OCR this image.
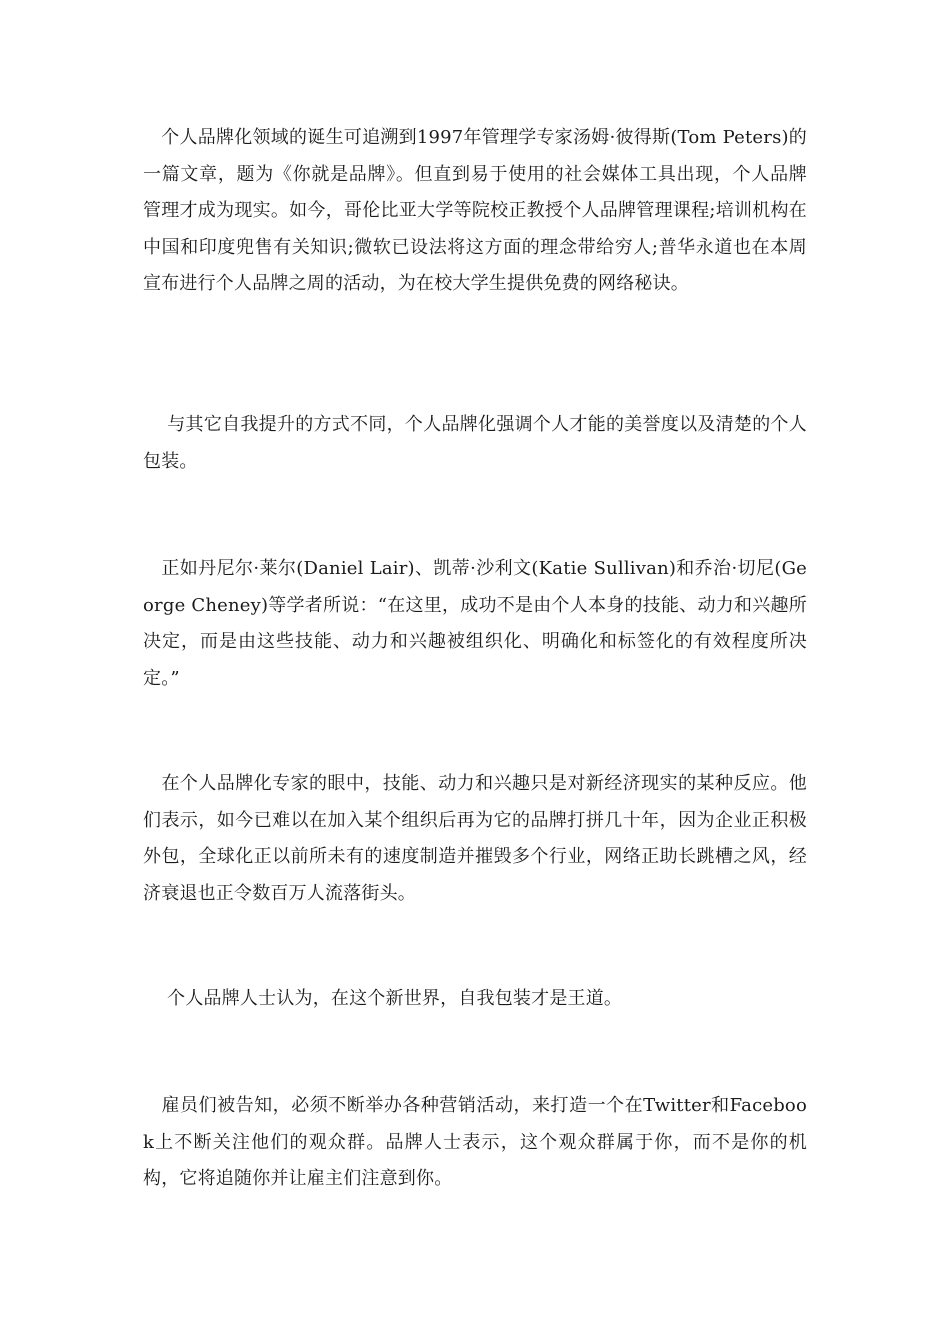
　个人品牌化领域的诞生可追溯到1997年管理学专家汤姆·彼得斯(Tom Peters)的一篇文章，题为《你就是品牌》。但直到易于使用的社会媒体工具出现，个人品牌管理才成为现实。如今，哥伦比亚大学等院校正教授个人品牌管理课程;培训机构在中国和印度兜售有关知识;微软已设法将这方面的理念带给穷人;普华永道也在本周宣布进行个人品牌之周的活动，为在校大学生提供免费的网络秘诀。

　 与其它自我提升的方式不同，个人品牌化强调个人才能的美誉度以及清楚的个人包装。

　正如丹尼尔·莱尔(Daniel Lair)、凯蒂·沙利文(Katie Sullivan)和乔治·切尼(George Cheney)等学者所说：“在这里，成功不是由个人本身的技能、动力和兴趣所决定，而是由这些技能、动力和兴趣被组织化、明确化和标签化的有效程度所决定。”

　在个人品牌化专家的眼中，技能、动力和兴趣只是对新经济现实的某种反应。他们表示，如今已难以在加入某个组织后再为它的品牌打拼几十年，因为企业正积极外包，全球化正以前所未有的速度制造并摧毁多个行业，网络正助长跳槽之风，经济衰退也正令数百万人流落街头。

　 个人品牌人士认为，在这个新世界，自我包装才是王道。

　雇员们被告知，必须不断举办各种营销活动，来打造一个在Twitter和Facebook上不断关注他们的观众群。品牌人士表示，这个观众群属于你，而不是你的机构，它将追随你并让雇主们注意到你。
